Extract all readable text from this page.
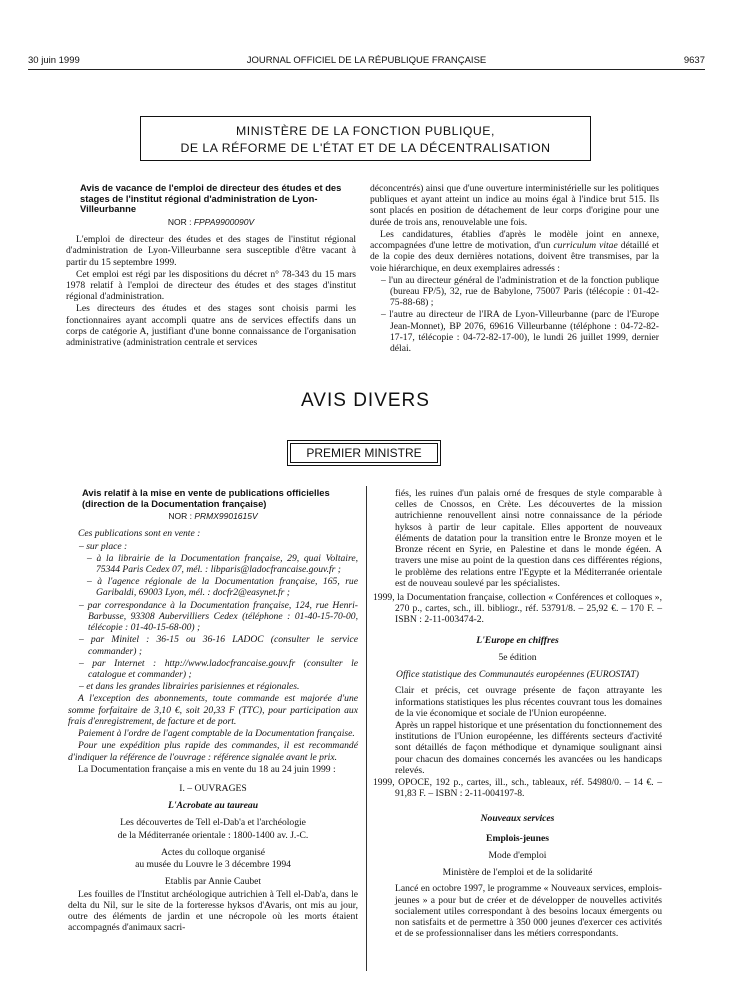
30 juin 1999	JOURNAL OFFICIEL DE LA RÉPUBLIQUE FRANÇAISE	9637
MINISTÈRE DE LA FONCTION PUBLIQUE,
DE LA RÉFORME DE L'ÉTAT ET DE LA DÉCENTRALISATION

Avis de vacance de l'emploi de directeur des études et des stages de l'institut régional d'administration de Lyon-Villeurbanne

NOR : FPPA9900090V

L'emploi de directeur des études et des stages de l'institut régional d'administration de Lyon-Villeurbanne sera susceptible d'être vacant à partir du 15 septembre 1999.

Cet emploi est régi par les dispositions du décret n° 78-343 du 15 mars 1978 relatif à l'emploi de directeur des études et des stages d'institut régional d'administration.

Les directeurs des études et des stages sont choisis parmi les fonctionnaires ayant accompli quatre ans de services effectifs dans un corps de catégorie A, justifiant d'une bonne connaissance de l'organisation administrative (administration centrale et services

déconcentrés) ainsi que d'une ouverture interministérielle sur les politiques publiques et ayant atteint un indice au moins égal à l'indice brut 515. Ils sont placés en position de détachement de leur corps d'origine pour une durée de trois ans, renouvelable une fois.

Les candidatures, établies d'après le modèle joint en annexe, accompagnées d'une lettre de motivation, d'un curriculum vitae détaillé et de la copie des deux dernières notations, doivent être transmises, par la voie hiérarchique, en deux exemplaires adressés :

– l'un au directeur général de l'administration et de la fonction publique (bureau FP/5), 32, rue de Babylone, 75007 Paris (télécopie : 01-42-75-88-68) ;

– l'autre au directeur de l'IRA de Lyon-Villeurbanne (parc de l'Europe Jean-Monnet), BP 2076, 69616 Villeurbanne (téléphone : 04-72-82-17-17, télécopie : 04-72-82-17-00), le lundi 26 juillet 1999, dernier délai.

AVIS DIVERS
PREMIER MINISTRE

Avis relatif à la mise en vente de publications officielles (direction de la Documentation française)

NOR : PRMX9901615V

Ces publications sont en vente :

– sur place :

– à la librairie de la Documentation française, 29, quai Voltaire, 75344 Paris Cedex 07, mél. : libparis@ladocfrancaise.gouv.fr ;

– à l'agence régionale de la Documentation française, 165, rue Garibaldi, 69003 Lyon, mél. : docfr2@easynet.fr ;

– par correspondance à la Documentation française, 124, rue Henri-Barbusse, 93308 Aubervilliers Cedex (téléphone : 01-40-15-70-00, télécopie : 01-40-15-68-00) ;

– par Minitel : 36-15 ou 36-16 LADOC (consulter le service commander) ;

– par Internet : http://www.ladocfrancaise.gouv.fr (consulter le catalogue et commander) ;

– et dans les grandes librairies parisiennes et régionales.

A l'exception des abonnements, toute commande est majorée d'une somme forfaitaire de 3,10 €, soit 20,33 F (TTC), pour participation aux frais d'enregistrement, de facture et de port.

Paiement à l'ordre de l'agent comptable de la Documentation française.

Pour une expédition plus rapide des commandes, il est recommandé d'indiquer la référence de l'ouvrage : référence signalée avant le prix.

La Documentation française a mis en vente du 18 au 24 juin 1999 :

I. – OUVRAGES

L'Acrobate au taureau

Les découvertes de Tell el-Dab'a et l'archéologie

de la Méditerranée orientale : 1800-1400 av. J.-C.

Actes du colloque organisé

au musée du Louvre le 3 décembre 1994

Etablis par Annie Caubet

Les fouilles de l'Institut archéologique autrichien à Tell el-Dab'a, dans le delta du Nil, sur le site de la forteresse hyksos d'Avaris, ont mis au jour, outre des éléments de jardin et une nécropole où les morts étaient accompagnés d'animaux sacri-

fiés, les ruines d'un palais orné de fresques de style comparable à celles de Cnossos, en Crète. Les découvertes de la mission autrichienne renouvellent ainsi notre connaissance de la période hyksos à partir de leur capitale. Elles apportent de nouveaux éléments de datation pour la transition entre le Bronze moyen et le Bronze récent en Syrie, en Palestine et dans le monde égéen. A travers une mise au point de la question dans ces différentes régions, le problème des relations entre l'Egypte et la Méditerranée orientale est de nouveau soulevé par les spécialistes.

1999, la Documentation française, collection « Conférences et colloques », 270 p., cartes, sch., ill. bibliogr., réf. 53791/8. – 25,92 €. – 170 F. – ISBN : 2-11-003474-2.

L'Europe en chiffres

5e édition

Office statistique des Communautés européennes (EUROSTAT)

Clair et précis, cet ouvrage présente de façon attrayante les informations statistiques les plus récentes couvrant tous les domaines de la vie économique et sociale de l'Union européenne.

Après un rappel historique et une présentation du fonctionnement des institutions de l'Union européenne, les différents secteurs d'activité sont détaillés de façon méthodique et dynamique soulignant ainsi pour chacun des domaines concernés les avancées ou les handicaps relevés.

1999, OPOCE, 192 p., cartes, ill., sch., tableaux, réf. 54980/0. – 14 €. – 91,83 F. – ISBN : 2-11-004197-8.

Nouveaux services

Emplois-jeunes

Mode d'emploi

Ministère de l'emploi et de la solidarité

Lancé en octobre 1997, le programme « Nouveaux services, emplois-jeunes » a pour but de créer et de développer de nouvelles activités socialement utiles correspondant à des besoins locaux émergents ou non satisfaits et de permettre à 350 000 jeunes d'exercer ces activités et de se professionnaliser dans les métiers correspondants.
